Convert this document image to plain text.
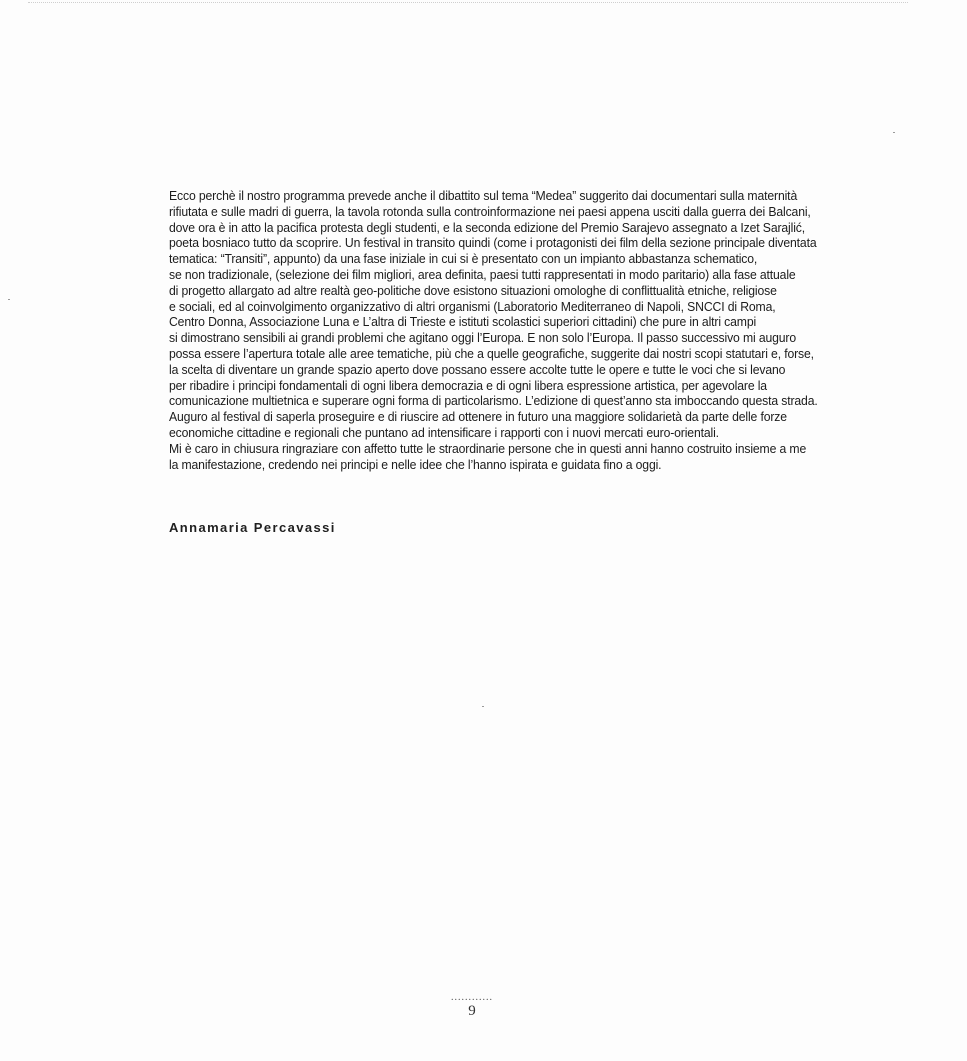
Ecco perchè il nostro programma prevede anche il dibattito sul tema “Medea” suggerito dai documentari sulla maternità
rifiutata e sulle madri di guerra, la tavola rotonda sulla controinformazione nei paesi appena usciti dalla guerra dei Balcani,
dove ora è in atto la pacifica protesta degli studenti, e la seconda edizione del Premio Sarajevo assegnato a Izet Sarajlić,
poeta bosniaco tutto da scoprire. Un festival in transito quindi (come i protagonisti dei film della sezione principale diventata
tematica: “Transiti”, appunto) da una fase iniziale in cui si è presentato con un impianto abbastanza schematico,
se non tradizionale, (selezione dei film migliori, area definita, paesi tutti rappresentati in modo paritario) alla fase attuale
di progetto allargato ad altre realtà geo-politiche dove esistono situazioni omologhe di conflittualità etniche, religiose
e sociali, ed al coinvolgimento organizzativo di altri organismi (Laboratorio Mediterraneo di Napoli, SNCCI di Roma,
Centro Donna, Associazione Luna e L’altra di Trieste e istituti scolastici superiori cittadini) che pure in altri campi
si dimostrano sensibili ai grandi problemi che agitano oggi l’Europa. E non solo l’Europa. Il passo successivo mi auguro
possa essere l’apertura totale alle aree tematiche, più che a quelle geografiche, suggerite dai nostri scopi statutari e, forse,
la scelta di diventare un grande spazio aperto dove possano essere accolte tutte le opere e tutte le voci che si levano
per ribadire i principi fondamentali di ogni libera democrazia e di ogni libera espressione artistica, per agevolare la
comunicazione multietnica e superare ogni forma di particolarismo. L’edizione di quest’anno sta imboccando questa strada.
Auguro al festival di saperla proseguire e di riuscire ad ottenere in futuro una maggiore solidarietà da parte delle forze
economiche cittadine e regionali che puntano ad intensificare i rapporti con i nuovi mercati euro-orientali.
Mi è caro in chiusura ringraziare con affetto tutte le straordinarie persone che in questi anni hanno costruito insieme a me
la manifestazione, credendo nei principi e nelle idee che l’hanno ispirata e guidata fino a oggi.
Annamaria Percavassi
............
9
